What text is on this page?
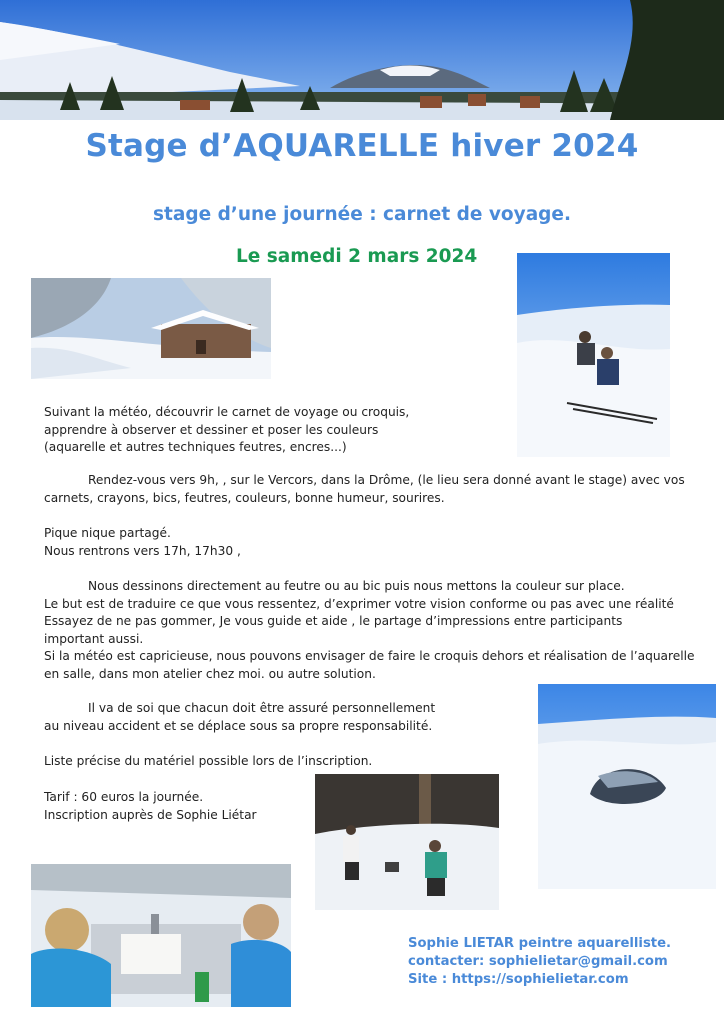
Stage d’AQUARELLE hiver 2024
stage d’une journée : carnet de voyage.
Le samedi 2 mars 2024
Suivant la météo, découvrir le carnet de voyage ou croquis,
apprendre à observer et dessiner et poser les couleurs
(aquarelle et autres techniques feutres, encres...)
Rendez-vous vers 9h, , sur le Vercors, dans la Drôme, (le lieu sera donné avant le stage) avec vos
carnets, crayons, bics, feutres, couleurs, bonne humeur, sourires.
Pique nique partagé.
Nous rentrons vers 17h, 17h30 ,
Nous dessinons directement au feutre ou au bic puis nous mettons la couleur sur place.
Le but est de traduire ce que vous ressentez, d’exprimer votre vision conforme ou pas avec une réalité
Essayez de ne pas gommer, Je vous guide et aide , le partage d’impressions entre participants important aussi.
Si la météo est capricieuse, nous pouvons envisager de faire le croquis dehors et réalisation de l’aquarelle
en salle, dans mon atelier chez moi. ou autre solution.
Il va de soi que chacun doit être assuré personnellement
au niveau accident et se déplace sous sa propre responsabilité.
Liste précise du matériel possible lors de l’inscription.
Tarif : 60 euros la journée.
Inscription auprès de Sophie Liétar
Sophie LIETAR peintre aquarelliste.
contacter: sophielietar@gmail.com
Site : https://sophielietar.com
